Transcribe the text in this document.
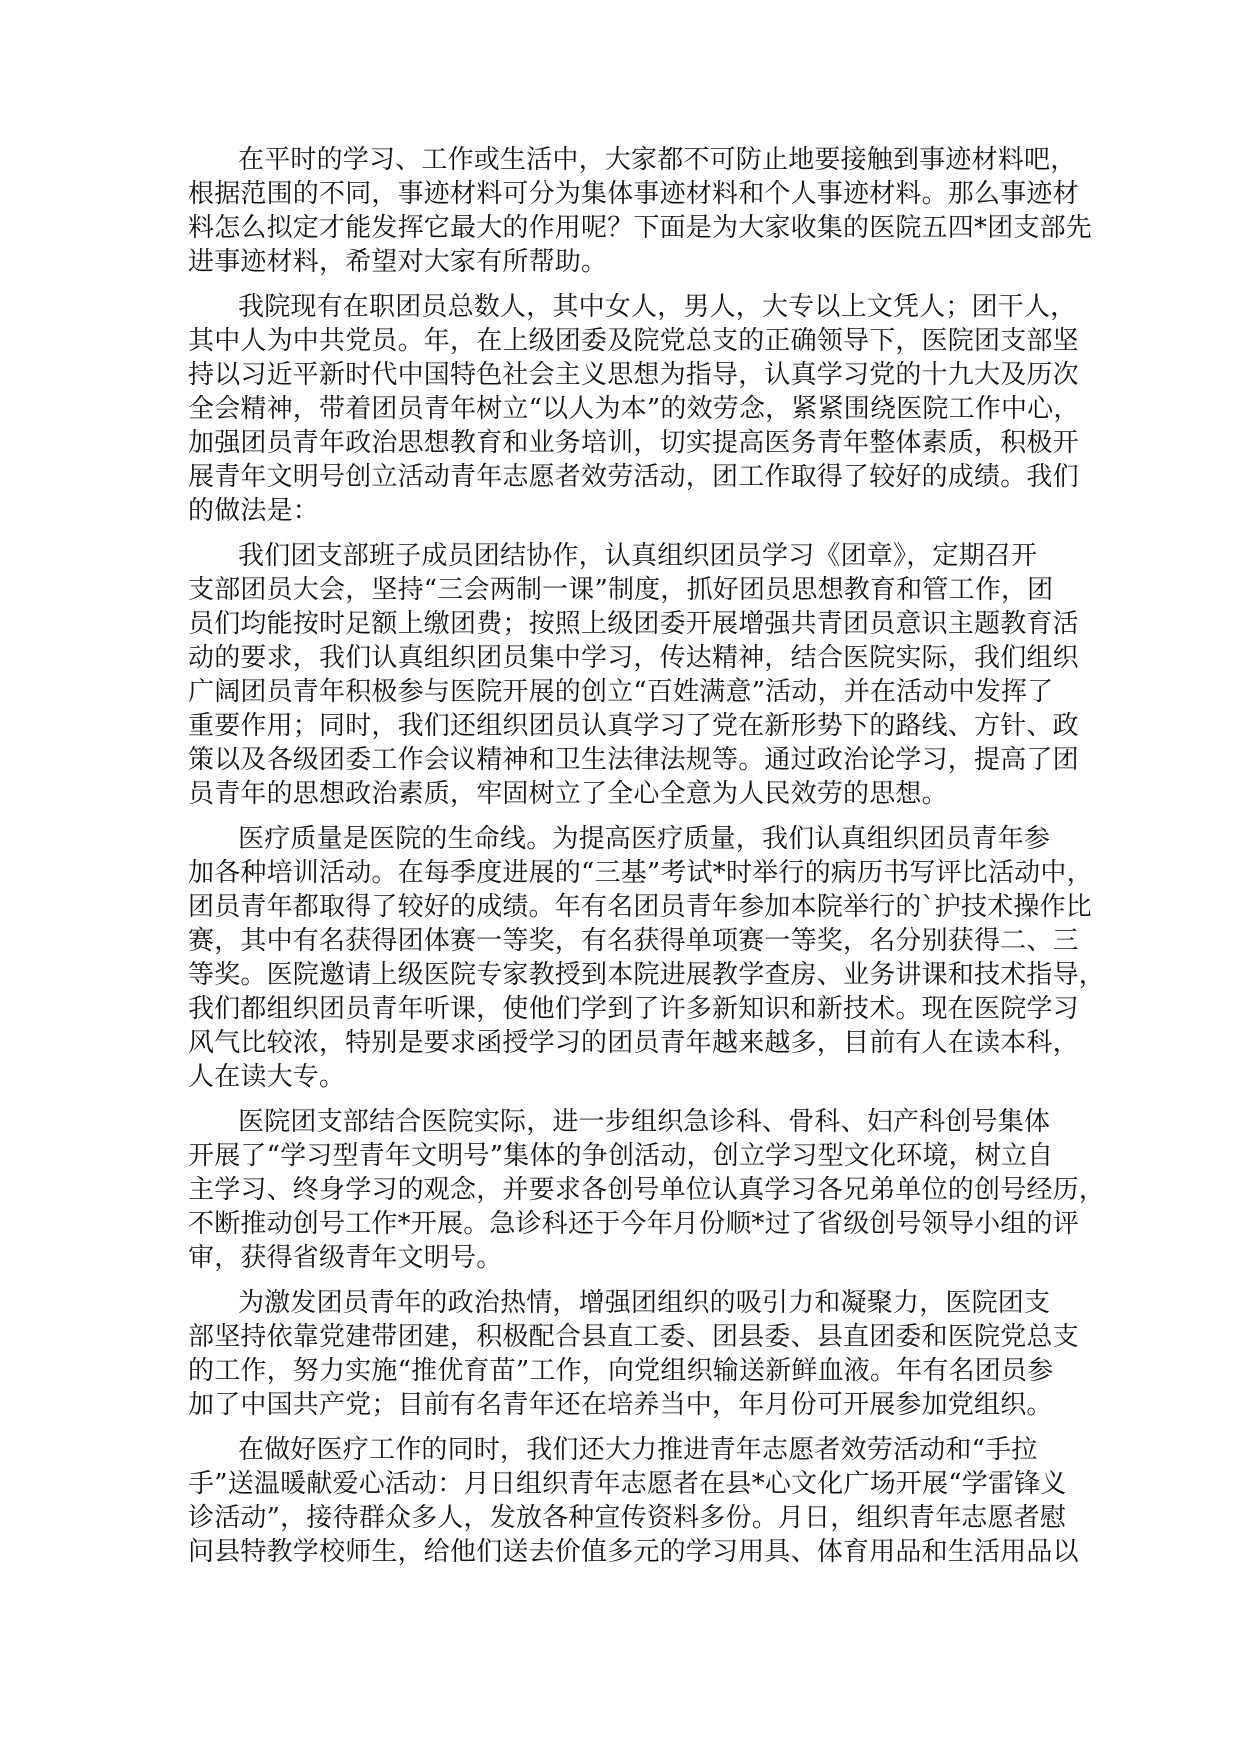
在平时的学习、工作或生活中，大家都不可防止地要接触到事迹材料吧，
根据范围的不同，事迹材料可分为集体事迹材料和个人事迹材料。那么事迹材
料怎么拟定才能发挥它最大的作用呢？下面是为大家收集的医院五四*团支部先
进事迹材料，希望对大家有所帮助。
我院现有在职团员总数人，其中女人，男人，大专以上文凭人；团干人，
其中人为中共党员。年，在上级团委及院党总支的正确领导下，医院团支部坚
持以习近平新时代中国特色社会主义思想为指导，认真学习党的十九大及历次
全会精神，带着团员青年树立“以人为本”的效劳念，紧紧围绕医院工作中心，
加强团员青年政治思想教育和业务培训，切实提高医务青年整体素质，积极开
展青年文明号创立活动青年志愿者效劳活动，团工作取得了较好的成绩。我们
的做法是：
我们团支部班子成员团结协作，认真组织团员学习《团章》，定期召开
支部团员大会，坚持“三会两制一课”制度，抓好团员思想教育和管工作，团
员们均能按时足额上缴团费；按照上级团委开展增强共青团员意识主题教育活
动的要求，我们认真组织团员集中学习，传达精神，结合医院实际，我们组织
广阔团员青年积极参与医院开展的创立“百姓满意”活动，并在活动中发挥了
重要作用；同时，我们还组织团员认真学习了党在新形势下的路线、方针、政
策以及各级团委工作会议精神和卫生法律法规等。通过政治论学习，提高了团
员青年的思想政治素质，牢固树立了全心全意为人民效劳的思想。
医疗质量是医院的生命线。为提高医疗质量，我们认真组织团员青年参
加各种培训活动。在每季度进展的“三基”考试*时举行的病历书写评比活动中，
团员青年都取得了较好的成绩。年有名团员青年参加本院举行的`护技术操作比
赛，其中有名获得团体赛一等奖，有名获得单项赛一等奖，名分别获得二、三
等奖。医院邀请上级医院专家教授到本院进展教学查房、业务讲课和技术指导，
我们都组织团员青年听课，使他们学到了许多新知识和新技术。现在医院学习
风气比较浓，特别是要求函授学习的团员青年越来越多，目前有人在读本科，
人在读大专。
医院团支部结合医院实际，进一步组织急诊科、骨科、妇产科创号集体
开展了“学习型青年文明号”集体的争创活动，创立学习型文化环境，树立自
主学习、终身学习的观念，并要求各创号单位认真学习各兄弟单位的创号经历，
不断推动创号工作*开展。急诊科还于今年月份顺*过了省级创号领导小组的评
审，获得省级青年文明号。
为激发团员青年的政治热情，增强团组织的吸引力和凝聚力，医院团支
部坚持依靠党建带团建，积极配合县直工委、团县委、县直团委和医院党总支
的工作，努力实施“推优育苗”工作，向党组织输送新鲜血液。年有名团员参
加了中国共产党；目前有名青年还在培养当中，年月份可开展参加党组织。
在做好医疗工作的同时，我们还大力推进青年志愿者效劳活动和“手拉
手”送温暖献爱心活动：月日组织青年志愿者在县*心文化广场开展“学雷锋义
诊活动”，接待群众多人，发放各种宣传资料多份。月日，组织青年志愿者慰
问县特教学校师生，给他们送去价值多元的学习用具、体育用品和生活用品以
